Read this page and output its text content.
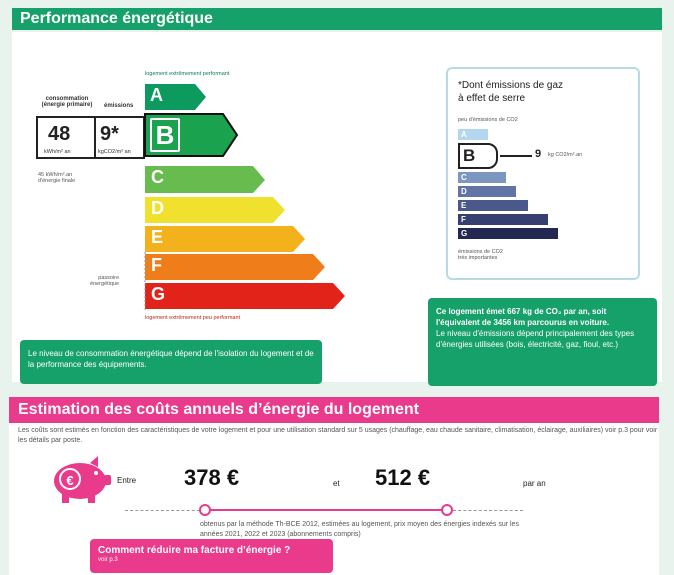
Performance énergétique
logement extrêmement performant
consommation
(énergie primaire)	émissions
48
kWh/m² an
9*
kgCO2/m² an
45 kWh/m².an
d'énergie finale
passoire
énergétique
A
B
C
D
E
F
G
logement extrêmement peu performant
*Dont émissions de gaz
à effet de serre
peu d'émissions de CO2
A
B
C
D
E
F
G
9 kg CO2/m².an
émissions de CO2
très importantes
Le niveau de consommation énergétique dépend de l'isolation du logement et de la performance des équipements.
Ce logement émet 667 kg de CO₂ par an, soit l'équivalent de 3456 km parcourus en voiture.
Le niveau d'émissions dépend principalement des types d'énergies utilisées (bois, électricité, gaz, fioul, etc.)
Estimation des coûts annuels d’énergie du logement
Les coûts sont estimés en fonction des caractéristiques de votre logement et pour une utilisation standard sur 5 usages (chauffage, eau chaude sanitaire, climatisation, éclairage, auxiliaires) voir p.3 pour voir les détails par poste.
€	Entre 378 €	et 512 €	par an
obtenus par la méthode Th-BCE 2012, estimées au logement, prix moyen des énergies indexés sur les années 2021, 2022 et 2023 (abonnements compris)
Comment réduire ma facture d’énergie ?
voir p.3
